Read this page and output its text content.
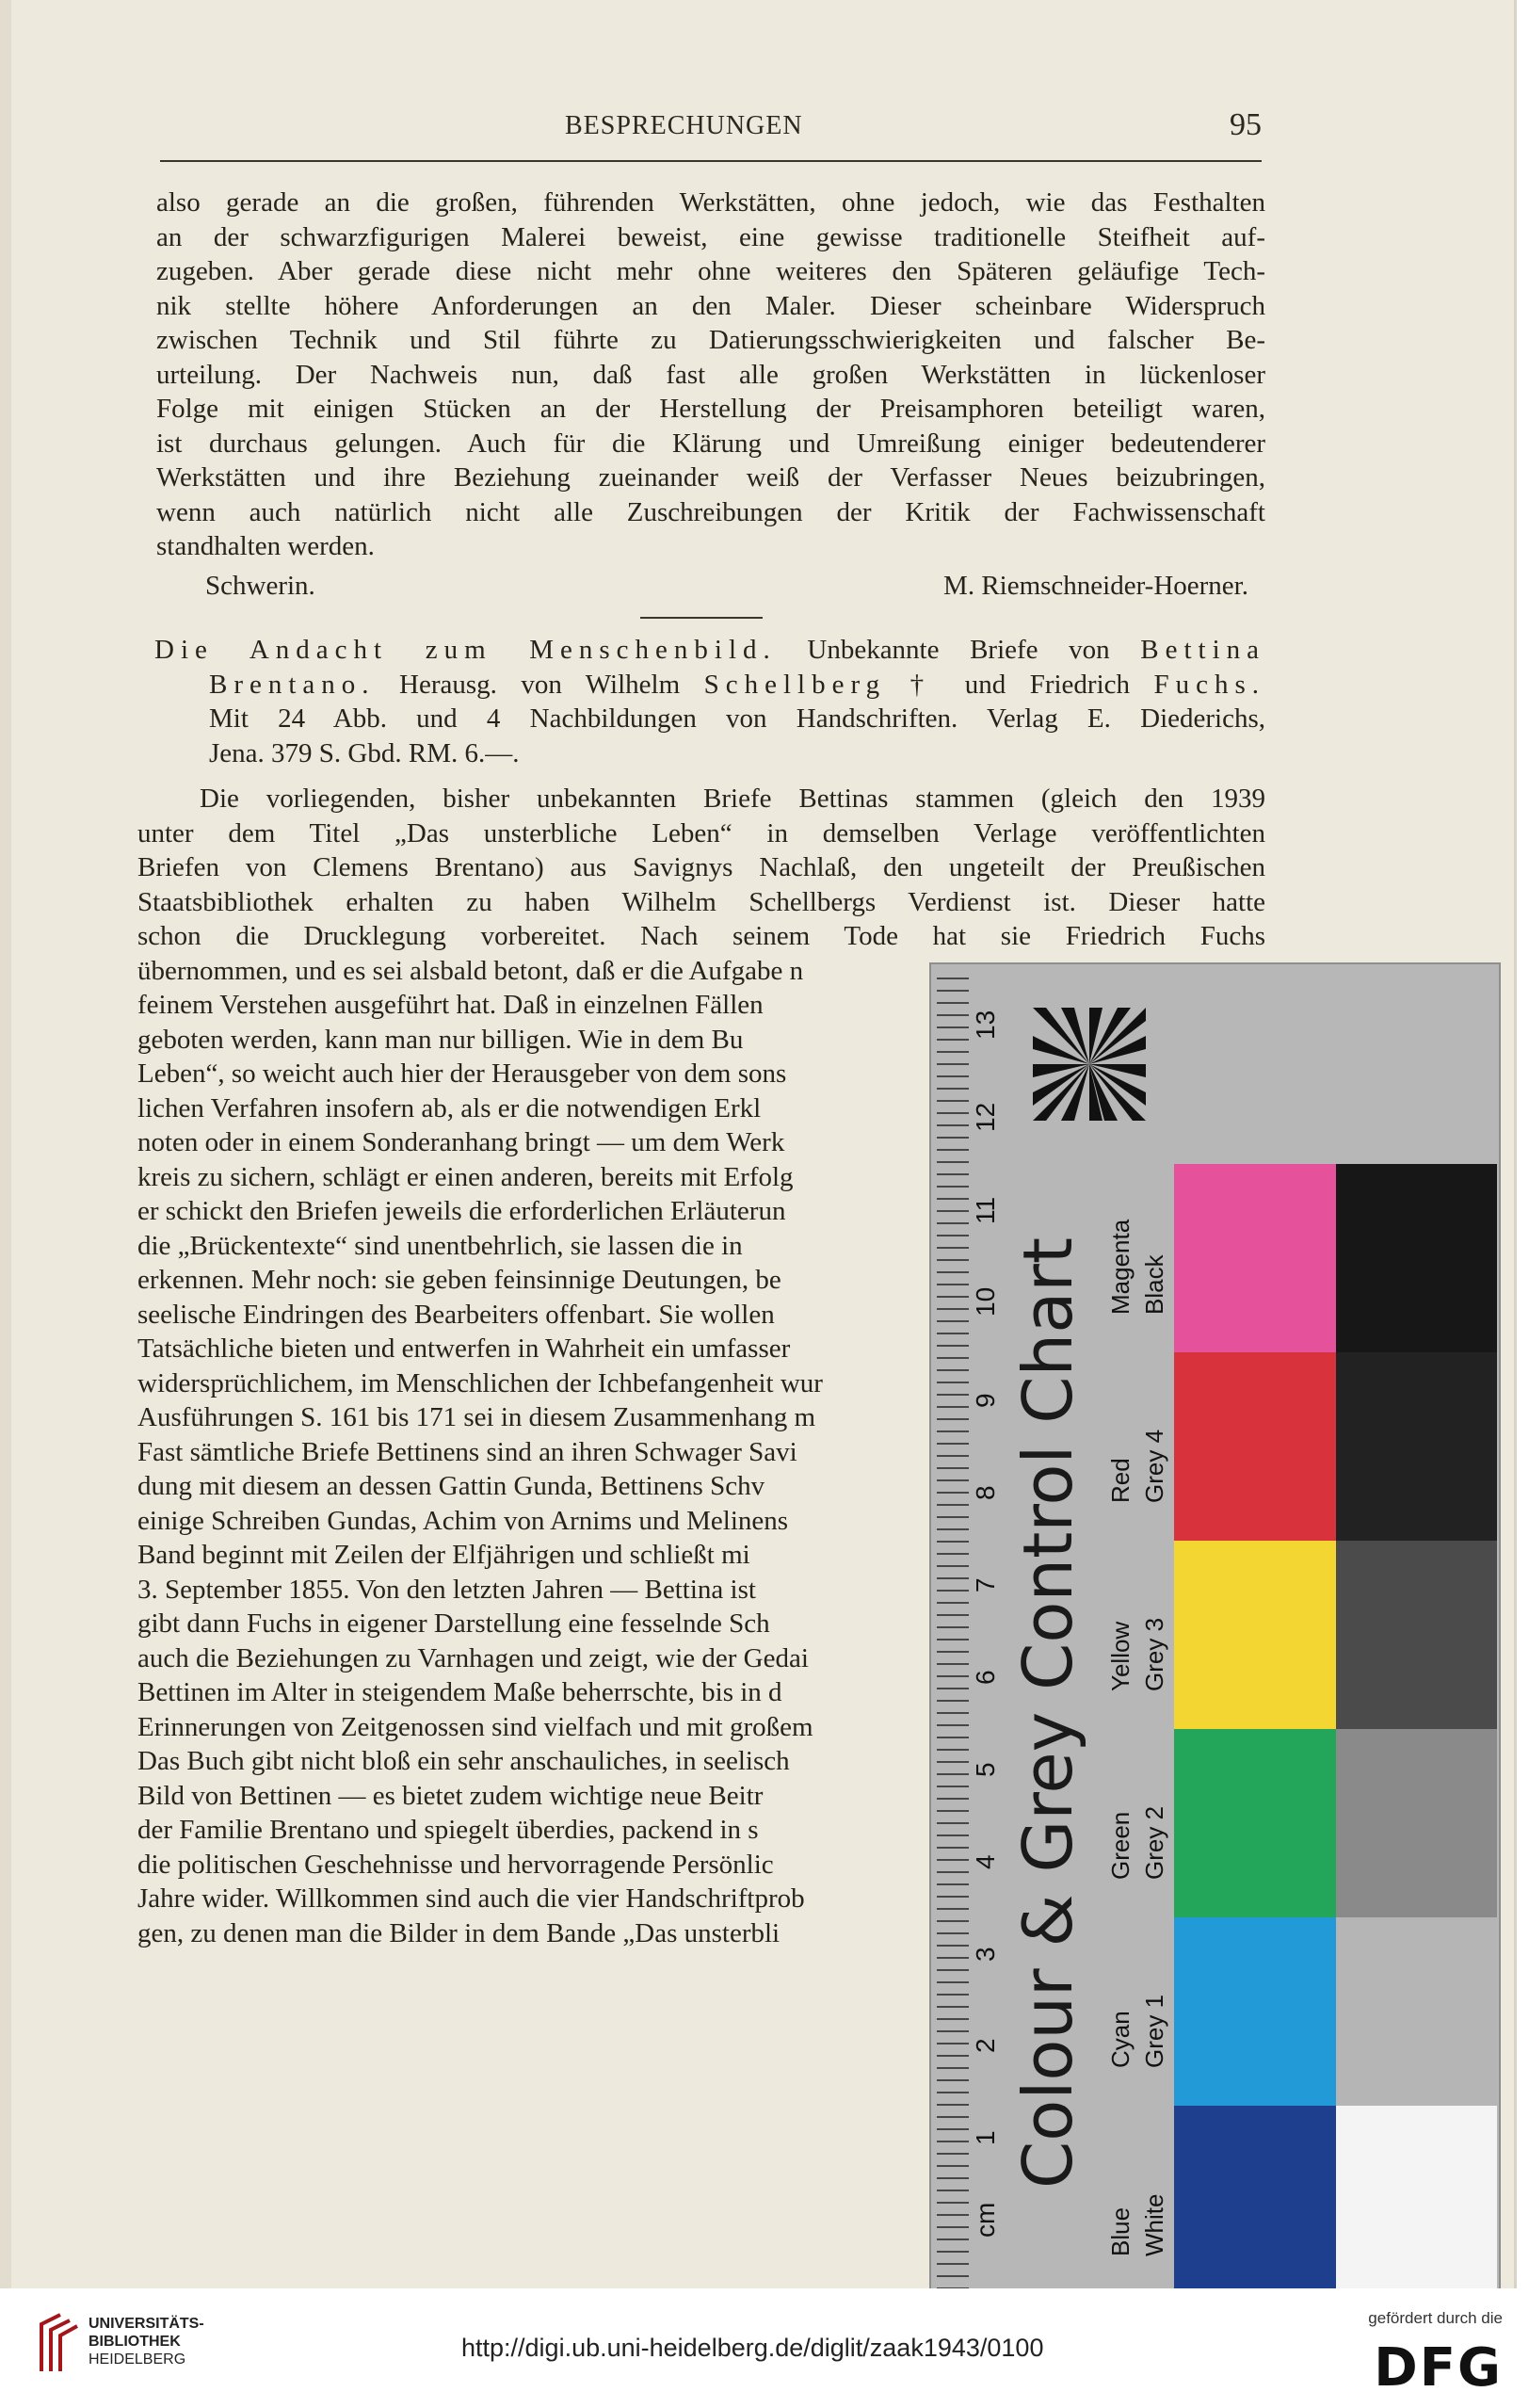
BESPRECHUNGEN	95
also gerade an die großen, führenden Werkstätten, ohne jedoch, wie das Festhalten
an der schwarzfigurigen Malerei beweist, eine gewisse traditionelle Steifheit auf-
zugeben. Aber gerade diese nicht mehr ohne weiteres den Späteren geläufige Tech-
nik stellte höhere Anforderungen an den Maler. Dieser scheinbare Widerspruch
zwischen Technik und Stil führte zu Datierungsschwierigkeiten und falscher Be-
urteilung. Der Nachweis nun, daß fast alle großen Werkstätten in lückenloser
Folge mit einigen Stücken an der Herstellung der Preisamphoren beteiligt waren,
ist durchaus gelungen. Auch für die Klärung und Umreißung einiger bedeutenderer
Werkstätten und ihre Beziehung zueinander weiß der Verfasser Neues beizubringen,
wenn auch natürlich nicht alle Zuschreibungen der Kritik der Fachwissenschaft
standhalten werden.
Schwerin.	M. Riemschneider-Hoerner.
Die Andacht zum Menschenbild. Unbekannte Briefe von Bettina
Brentano. Herausg. von Wilhelm Schellberg † und Friedrich Fuchs.
Mit 24 Abb. und 4 Nachbildungen von Handschriften. Verlag E. Diederichs,
Jena. 379 S. Gbd. RM. 6.—.
Die vorliegenden, bisher unbekannten Briefe Bettinas stammen (gleich den 1939
unter dem Titel „Das unsterbliche Leben“ in demselben Verlage veröffentlichten
Briefen von Clemens Brentano) aus Savignys Nachlaß, den ungeteilt der Preußischen
Staatsbibliothek erhalten zu haben Wilhelm Schellbergs Verdienst ist. Dieser hatte
schon die Drucklegung vorbereitet. Nach seinem Tode hat sie Friedrich Fuchs
übernommen, und es sei alsbald betont, daß er die Aufgabe n
feinem Verstehen ausgeführt hat. Daß in einzelnen Fällen
geboten werden, kann man nur billigen. Wie in dem Bu
Leben“, so weicht auch hier der Herausgeber von dem sons
lichen Verfahren insofern ab, als er die notwendigen Erkl
noten oder in einem Sonderanhang bringt — um dem Werk
kreis zu sichern, schlägt er einen anderen, bereits mit Erfolg
er schickt den Briefen jeweils die erforderlichen Erläuterun
die „Brückentexte“ sind unentbehrlich, sie lassen die in
erkennen. Mehr noch: sie geben feinsinnige Deutungen, be
seelische Eindringen des Bearbeiters offenbart. Sie wollen
Tatsächliche bieten und entwerfen in Wahrheit ein umfasser
widersprüchlichem, im Menschlichen der Ichbefangenheit wur
Ausführungen S. 161 bis 171 sei in diesem Zusammenhang m
Fast sämtliche Briefe Bettinens sind an ihren Schwager Savi
dung mit diesem an dessen Gattin Gunda, Bettinens Schv
einige Schreiben Gundas, Achim von Arnims und Melinens
Band beginnt mit Zeilen der Elfjährigen und schließt mi
3. September 1855. Von den letzten Jahren — Bettina ist
gibt dann Fuchs in eigener Darstellung eine fesselnde Sch
auch die Beziehungen zu Varnhagen und zeigt, wie der Gedai
Bettinen im Alter in steigendem Maße beherrschte, bis in d
Erinnerungen von Zeitgenossen sind vielfach und mit großem
Das Buch gibt nicht bloß ein sehr anschauliches, in seelisch
Bild von Bettinen — es bietet zudem wichtige neue Beitr
der Familie Brentano und spiegelt überdies, packend in s
die politischen Geschehnisse und hervorragende Persönlic
Jahre wider. Willkommen sind auch die vier Handschriftprob
gen, zu denen man die Bilder in dem Bande „Das unsterbli
13
12
11
10
9
8
7
6
5
4
3
2
1
cm
Colour & Grey Control Chart Magenta
Red
Yellow
Green
Cyan
Blue
Black
Grey 4
Grey 3
Grey 2
Grey 1
White
UNIVERSITÄTS-
BIBLIOTHEK
HEIDELBERG	http://digi.ub.uni-heidelberg.de/diglit/zaak1943/0100
gefördert durch die
DFG
